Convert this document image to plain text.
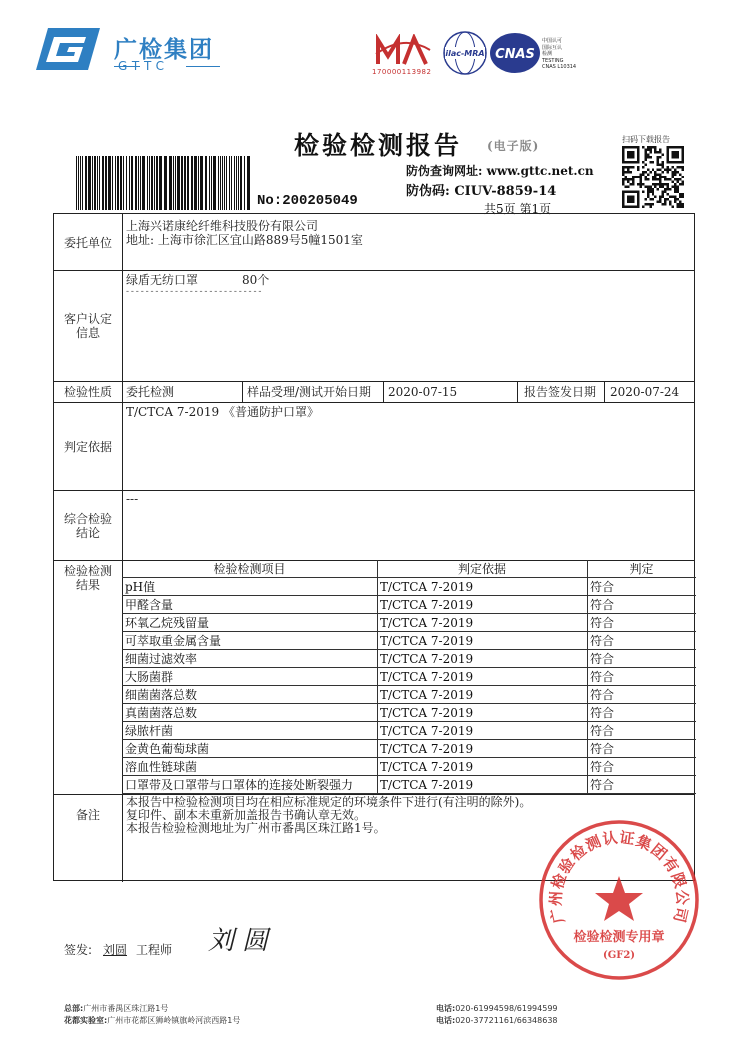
广检集团
GTTC	170000113982
ilac-MRA CNAS
中国认可
国际互认
检测
TESTING
CNAS L10314
检验检测报告	(电子版)	扫码下载报告
No:200205049
防伪查询网址: www.gttc.net.cn
防伪码: CIUV-8859-14
共5页 第1页
委托单位
上海兴诺康纶纤维科技股份有限公司
地址: 上海市徐汇区宜山路889号5幢1501室
客户认定
信息
绿盾无纺口罩	80个
- - - - - - - - - - - - - - - - - - - - - - - - - - - -
检验性质	委托检测	样品受理/测试开始日期 2020-07-15	报告签发日期 2020-07-24
判定依据
T/CTCA 7-2019 《普通防护口罩》
综合检验
结论
---
检验检测
结果
检验检测项目	判定依据	判定
pH值	T/CTCA 7-2019	符合
甲醛含量	T/CTCA 7-2019	符合
环氧乙烷残留量	T/CTCA 7-2019	符合
可萃取重金属含量	T/CTCA 7-2019	符合
细菌过滤效率	T/CTCA 7-2019	符合
大肠菌群	T/CTCA 7-2019	符合
细菌菌落总数	T/CTCA 7-2019	符合
真菌菌落总数	T/CTCA 7-2019	符合
绿脓杆菌	T/CTCA 7-2019	符合
金黄色葡萄球菌	T/CTCA 7-2019	符合
溶血性链球菌	T/CTCA 7-2019	符合
口罩带及口罩带与口罩体的连接处断裂强力	T/CTCA 7-2019	符合
备注
本报告中检验检测项目均在相应标准规定的环境条件下进行(有注明的除外)。
复印件、副本未重新加盖报告书确认章无效。
本报告检验检测地址为广州市番禺区珠江路1号。
签发: 刘圆 工程师 刘圆
广州检验检测认证集团有限公司
检验检测专用章
(GF2)
总部:广州市番禺区珠江路1号
花都实验室:广州市花都区狮岭镇旗岭河滨西路1号
电话:020-61994598/61994599
电话:020-37721161/66348638
